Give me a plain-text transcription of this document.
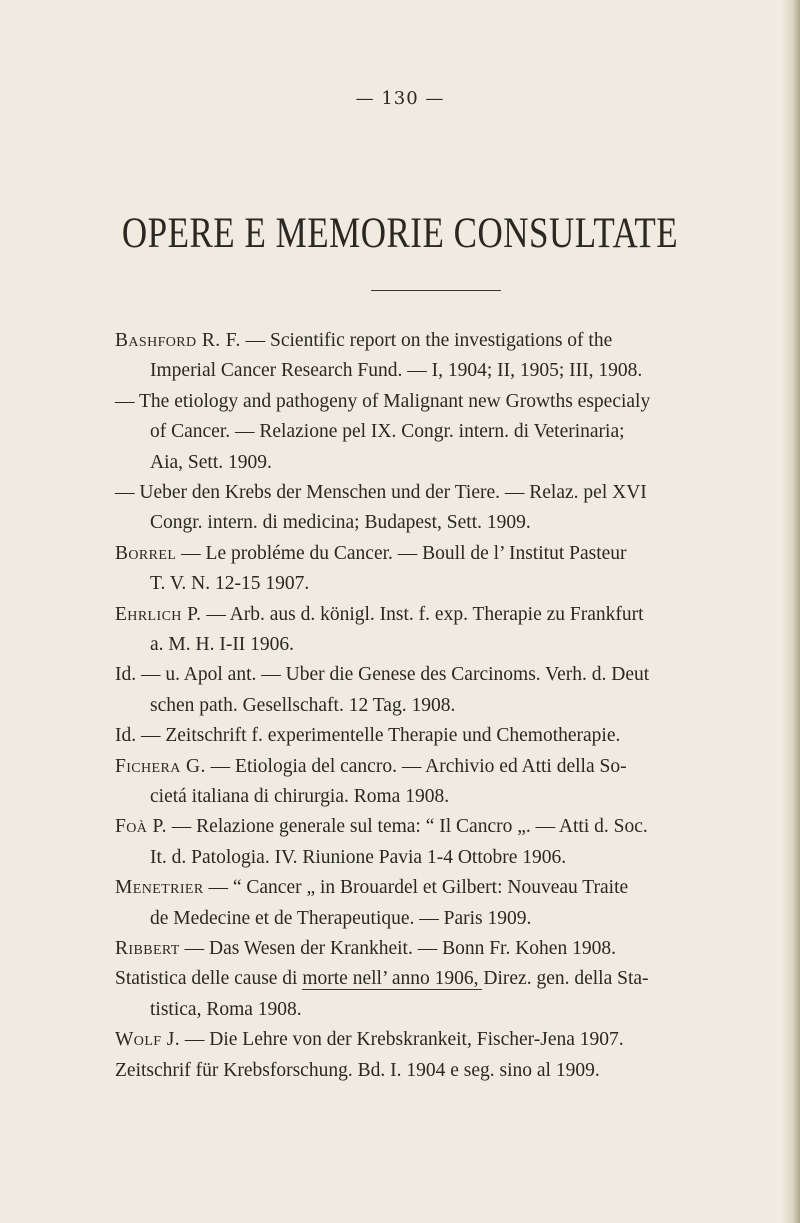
— 130 —
OPERE E MEMORIE CONSULTATE
Bashford R. F. — Scientific report on the investigations of the
Imperial Cancer Research Fund. — I, 1904; II, 1905; III, 1908.
— The etiology and pathogeny of Malignant new Growths especialy
of Cancer. — Relazione pel IX. Congr. intern. di Veterinaria;
Aia, Sett. 1909.
— Ueber den Krebs der Menschen und der Tiere. — Relaz. pel XVI
Congr. intern. di medicina; Budapest, Sett. 1909.
Borrel — Le probléme du Cancer. — Boull de l’ Institut Pasteur
T. V. N. 12-15 1907.
Ehrlich P. — Arb. aus d. königl. Inst. f. exp. Therapie zu Frankfurt
a. M. H. I-II 1906.
Id. — u. Apol ant. — Uber die Genese des Carcinoms. Verh. d. Deut
schen path. Gesellschaft. 12 Tag. 1908.
Id. — Zeitschrift f. experimentelle Therapie und Chemotherapie.
Fichera G. — Etiologia del cancro. — Archivio ed Atti della So-
cietá italiana di chirurgia. Roma 1908.
Foà P. — Relazione generale sul tema: “ Il Cancro „. — Atti d. Soc.
It. d. Patologia. IV. Riunione Pavia 1-4 Ottobre 1906.
Menetrier — “ Cancer „ in Brouardel et Gilbert: Nouveau Traite
de Medecine et de Therapeutique. — Paris 1909.
Ribbert — Das Wesen der Krankheit. — Bonn Fr. Kohen 1908.
Statistica delle cause di morte nell’ anno 1906, Direz. gen. della Sta-
tistica, Roma 1908.
Wolf J. — Die Lehre von der Krebskrankeit, Fischer-Jena 1907.
Zeitschrif für Krebsforschung. Bd. I. 1904 e seg. sino al 1909.
